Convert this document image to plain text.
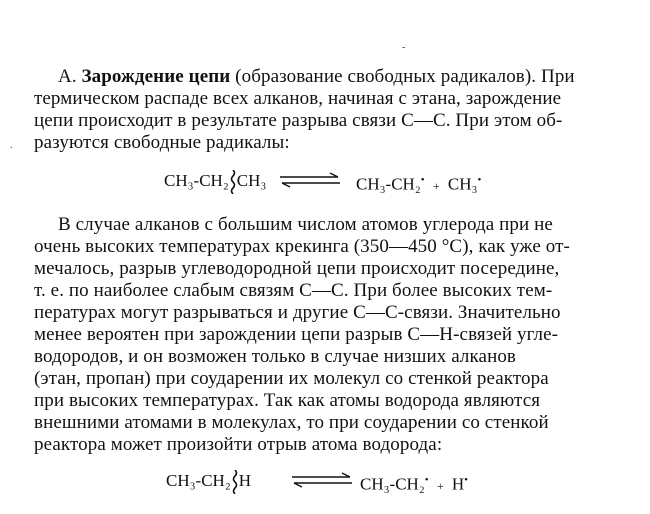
А. Зарождение цепи (образование свободных радикалов). При
термическом распаде всех алканов, начиная с этана, зарождение
цепи происходит в результате разрыва связи С—С. При этом об-
разуются свободные радикалы:
CH₃-CH₂ CH₃ ⇌ CH₃-CH₂• + CH₃•
В случае алканов с большим числом атомов углерода при не
очень высоких температурах крекинга (350—450 °С), как уже от-
мечалось, разрыв углеводородной цепи происходит посередине,
т. е. по наиболее слабым связям С—С. При более высоких тем-
пературах могут разрываться и другие С—С-связи. Значительно
менее вероятен при зарождении цепи разрыв С—Н-связей угле-
водородов, и он возможен только в случае низших алканов
(этан, пропан) при соударении их молекул со стенкой реактора
при высоких температурах. Так как атомы водорода являются
внешними атомами в молекулах, то при соударении со стенкой
реактора может произойти отрыв атома водорода:
CH₃-CH₂ H ⇌ CH₃-CH₂• + H•
-
.
